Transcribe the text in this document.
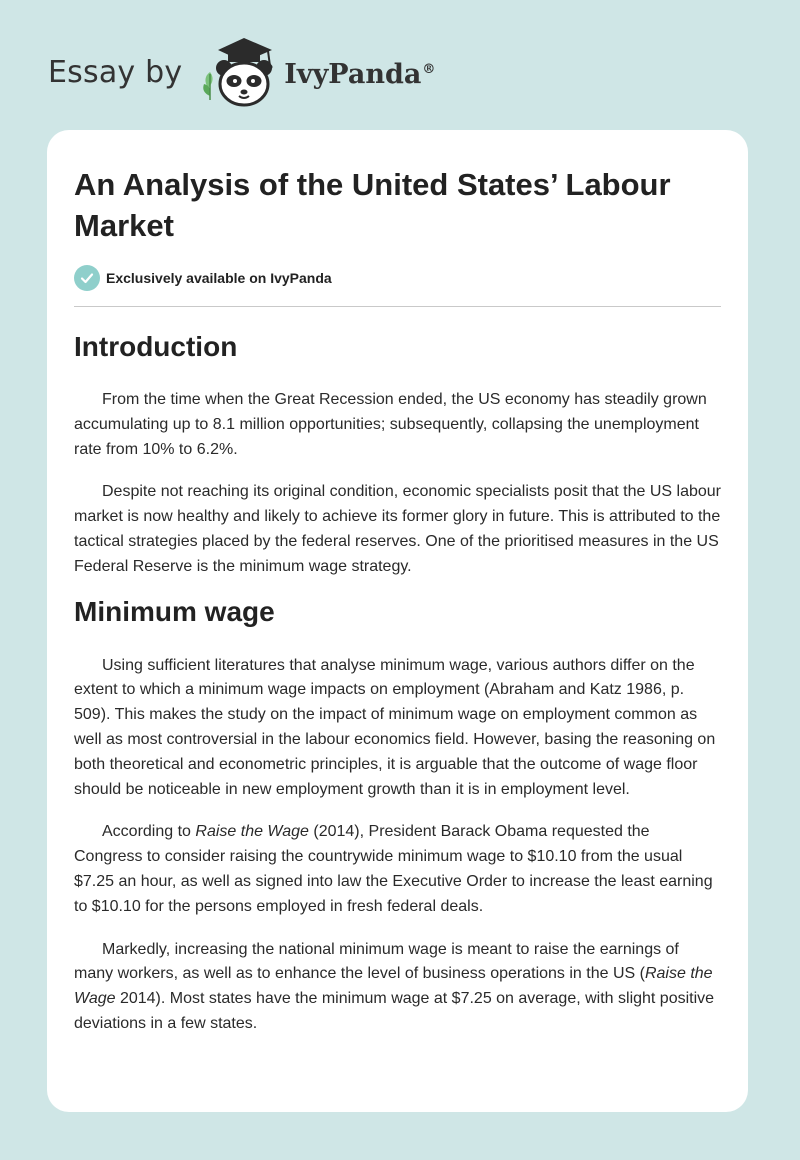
Essay by	IvyPanda®
An Analysis of the United States’ Labour Market
Exclusively available on IvyPanda
Introduction

From the time when the Great Recession ended, the US economy has steadily grown accumulating up to 8.1 million opportunities; subsequently, collapsing the unemployment rate from 10% to 6.2%.

Despite not reaching its original condition, economic specialists posit that the US labour market is now healthy and likely to achieve its former glory in future. This is attributed to the tactical strategies placed by the federal reserves. One of the prioritised measures in the US Federal Reserve is the minimum wage strategy.

Minimum wage

Using sufficient literatures that analyse minimum wage, various authors differ on the extent to which a minimum wage impacts on employment (Abraham and Katz 1986, p. 509). This makes the study on the impact of minimum wage on employment common as well as most controversial in the labour economics field. However, basing the reasoning on both theoretical and econometric principles, it is arguable that the outcome of wage floor should be noticeable in new employment growth than it is in employment level.

According to Raise the Wage (2014), President Barack Obama requested the Congress to consider raising the countrywide minimum wage to $10.10 from the usual $7.25 an hour, as well as signed into law the Executive Order to increase the least earning to $10.10 for the persons employed in fresh federal deals.

Markedly, increasing the national minimum wage is meant to raise the earnings of many workers, as well as to enhance the level of business operations in the US (Raise the Wage 2014). Most states have the minimum wage at $7.25 on average, with slight positive deviations in a few states.
